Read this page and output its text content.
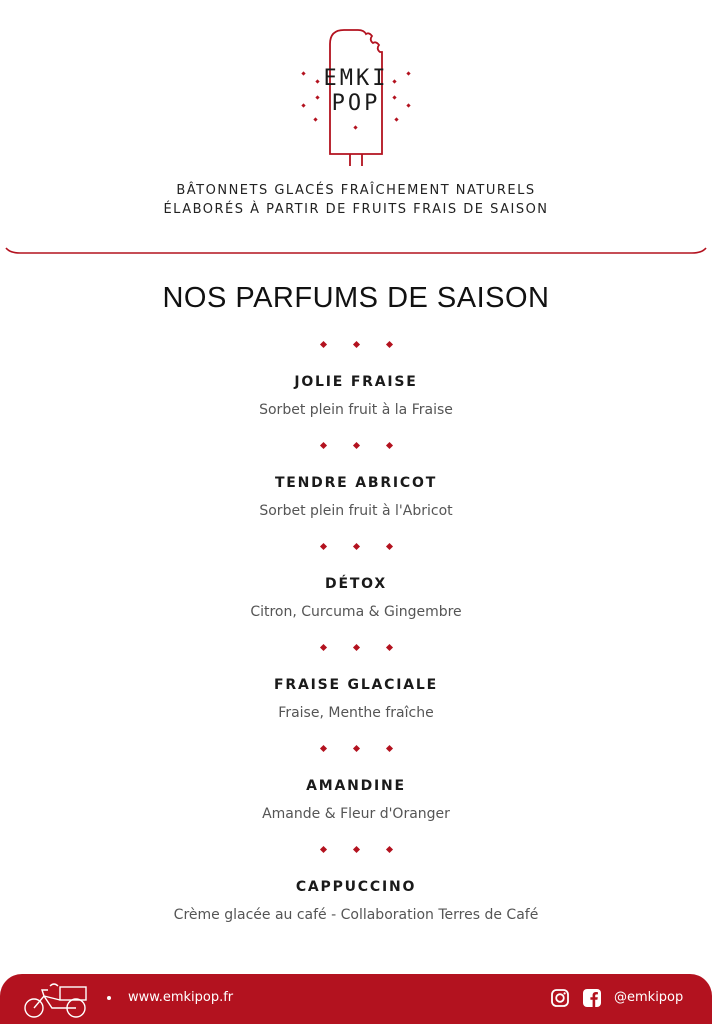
EMKI
POP
BÂTONNETS GLACÉS FRAÎCHEMENT NATURELS
ÉLABORÉS À PARTIR DE FRUITS FRAIS DE SAISON
NOS PARFUMS DE SAISON
JOLIE FRAISE
Sorbet plein fruit à la Fraise
TENDRE ABRICOT
Sorbet plein fruit à l'Abricot
DÉTOX
Citron, Curcuma & Gingembre
FRAISE GLACIALE
Fraise, Menthe fraîche
AMANDINE
Amande & Fleur d'Oranger
CAPPUCCINO
Crème glacée au café - Collaboration Terres de Café
www.emkipop.fr	@emkipop
